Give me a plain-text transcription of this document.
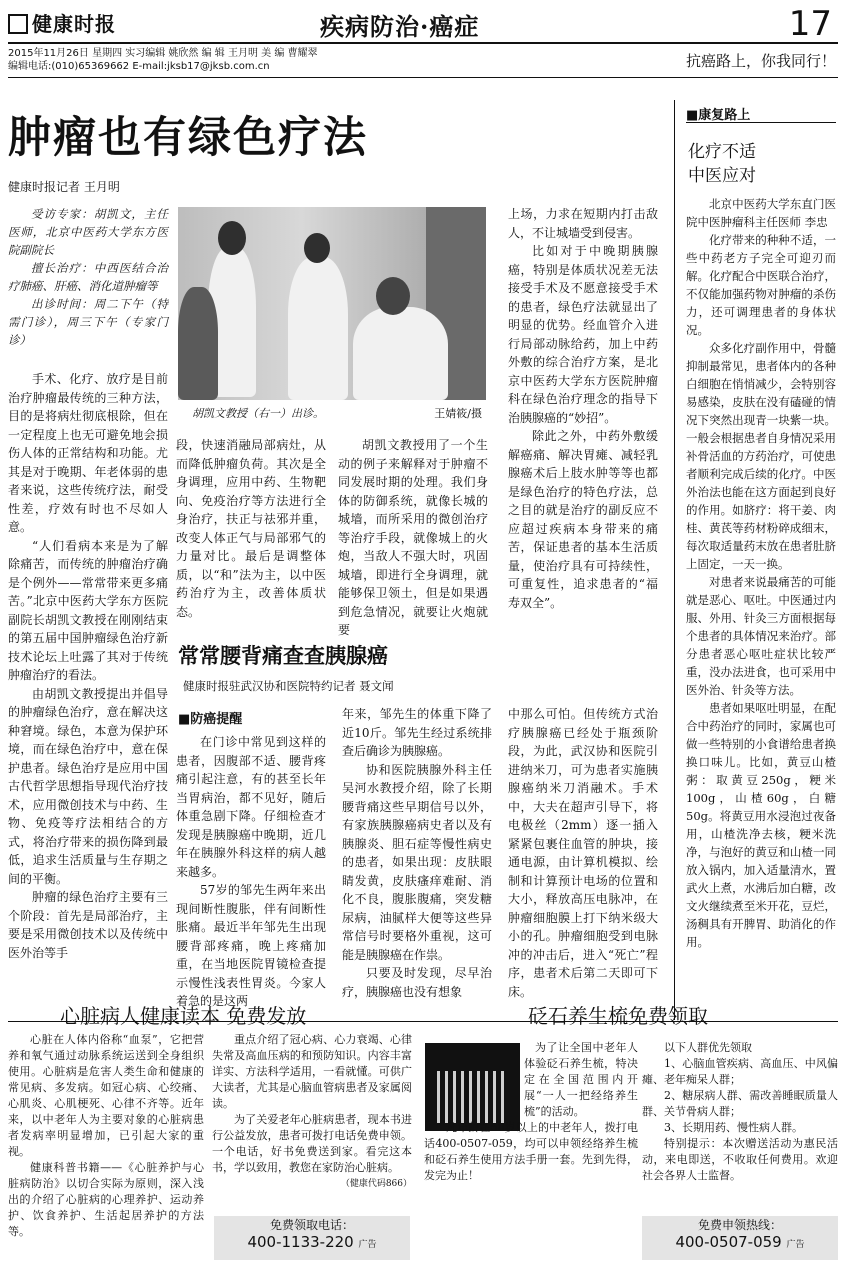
健康时报	疾病防治·癌症	17
2015年11月26日 星期四 实习编辑 姚欣然 编 辑 王月明 美 编 曹耀翠
编辑电话:(010)65369662 E-mail:jksb17@jksb.com.cn	抗癌路上，你我同行！
肿瘤也有绿色疗法
健康时报记者 王月明

受访专家：胡凯文，主任医师，北京中医药大学东方医院副院长

擅长治疗：中西医结合治疗肺癌、肝癌、消化道肿瘤等

出诊时间：周二下午（特需门诊），周三下午（专家门诊）

手术、化疗、放疗是目前治疗肿瘤最传统的三种方法，目的是将病灶彻底根除，但在一定程度上也无可避免地会损伤人体的正常结构和功能。尤其是对于晚期、年老体弱的患者来说，这些传统疗法，耐受性差，疗效有时也不尽如人意。

“人们看病本来是为了解除痛苦，而传统的肿瘤治疗确是个例外——常常带来更多痛苦。”北京中医药大学东方医院副院长胡凯文教授在刚刚结束的第五届中国肿瘤绿色治疗新技术论坛上吐露了其对于传统肿瘤治疗的看法。

由胡凯文教授提出并倡导的肿瘤绿色治疗，意在解决这种窘境。绿色，本意为保护环境，而在绿色治疗中，意在保护患者。绿色治疗是应用中国古代哲学思想指导现代治疗技术，应用微创技术与中药、生物、免疫等疗法相结合的方式，将治疗带来的损伤降到最低，追求生活质量与生存期之间的平衡。

肿瘤的绿色治疗主要有三个阶段：首先是局部治疗，主要是采用微创技术以及传统中医外治等手

胡凯文教授（右一）出诊。	王婧筱/摄

段，快速消融局部病灶，从而降低肿瘤负荷。其次是全身调理，应用中药、生物靶向、免疫治疗等方法进行全身治疗，扶正与祛邪并重，改变人体正气与局部邪气的力量对比。最后是调整体质，以“和”法为主，以中医药治疗为主，改善体质状态。

胡凯文教授用了一个生动的例子来解释对于肿瘤不同发展时期的处理。我们身体的防御系统，就像长城的城墙，而所采用的微创治疗等治疗手段，就像城上的火炮，当敌人不强大时，巩固城墙，即进行全身调理，就能够保卫领土，但是如果遇到危急情况，就要让火炮就要

上场，力求在短期内打击敌人，不让城墙受到侵害。

比如对于中晚期胰腺癌，特别是体质状况差无法接受手术及不愿意接受手术的患者，绿色疗法就显出了明显的优势。经血管介入进行局部动脉给药，加上中药外敷的综合治疗方案，是北京中医药大学东方医院肿瘤科在绿色治疗理念的指导下治胰腺癌的“妙招”。

除此之外，中药外敷缓解癌痛、解决胃瘫、减轻乳腺癌术后上肢水肿等等也都是绿色治疗的特色疗法，总之目的就是治疗的副反应不应超过疾病本身带来的痛苦，保证患者的基本生活质量，使治疗具有可持续性，可重复性，追求患者的“福寿双全”。

常常腰背痛查查胰腺癌
健康时报驻武汉协和医院特约记者 聂文闻
■防癌提醒

在门诊中常见到这样的患者，因腹部不适、腰背疼痛引起注意，有的甚至长年当胃病治，都不见好，随后体重急剧下降。仔细检查才发现是胰腺癌中晚期，近几年在胰腺外科这样的病人越来越多。

57岁的邹先生两年来出现间断性腹胀，伴有间断性胀痛。最近半年邹先生出现腰背部疼痛，晚上疼痛加重，在当地医院胃镜检查提示慢性浅表性胃炎。今家人着急的是这两

年来，邹先生的体重下降了近10斤。邹先生经过系统排查后确诊为胰腺癌。

协和医院胰腺外科主任吴河水教授介绍，除了长期腰背痛这些早期信号以外，有家族胰腺癌病史者以及有胰腺炎、胆石症等慢性病史的患者，如果出现：皮肤眼睛发黄，皮肤瘙痒难耐、消化不良，腹胀腹痛，突发糖尿病，油腻样大便等这些异常信号时要格外重视，这可能是胰腺癌在作祟。

只要及时发现，尽早治疗，胰腺癌也没有想象

中那么可怕。但传统方式治疗胰腺癌已经处于瓶颈阶段，为此，武汉协和医院引进纳米刀，可为患者实施胰腺癌纳米刀消融术。手术中，大夫在超声引导下，将电极丝（2mm）逐一插入紧紧包裹住血管的肿块，接通电源，由计算机模拟、绘制和计算预计电场的位置和大小，释放高压电脉冲，在肿瘤细胞膜上打下纳米级大小的孔。肿瘤细胞受到电脉冲的冲击后，进入“死亡”程序，患者术后第二天即可下床。

■康复路上
化疗不适
中医应对

北京中医药大学东直门医院中医肿瘤科主任医师 李忠

化疗带来的种种不适，一些中药老方子完全可迎刃而解。化疗配合中医联合治疗，不仅能加强药物对肿瘤的杀伤力，还可调理患者的身体状况。

众多化疗副作用中，骨髓抑制最常见，患者体内的各种白细胞在悄悄减少，会特别容易感染，皮肤在没有磕碰的情况下突然出现青一块紫一块。一般会根据患者自身情况采用补骨活血的方药治疗，可使患者顺利完成后续的化疗。中医外治法也能在这方面起到良好的作用。如脐疗：将干姜、肉桂、黄芪等药材粉碎成细末，每次取适量药末放在患者肚脐上固定，一天一换。

对患者来说最痛苦的可能就是恶心、呕吐。中医通过内服、外用、针灸三方面根据每个患者的具体情况来治疗。部分患者恶心呕吐症状比较严重，没办法进食，也可采用中医外治、针灸等方法。

患者如果呕吐明显，在配合中药治疗的同时，家属也可做一些特别的小食谱给患者换换口味儿。比如，黄豆山楂粥：取黄豆250g，粳米100g，山楂60g，白糖50g。将黄豆用水浸泡过夜备用，山楂洗净去核，粳米洗净，与泡好的黄豆和山楂一同放入锅内，加入适量清水，置武火上煮，水沸后加白糖，改文火继续煮至米开花，豆烂，汤稠具有开脾胃、助消化的作用。

心脏病人健康读本 免费发放	砭石养生梳免费领取

心脏在人体内俗称“血泵”，它把营养和氧气通过动脉系统运送到全身组织使用。心脏病是危害人类生命和健康的常见病、多发病。如冠心病、心绞痛、心肌炎、心肌梗死、心律不齐等。近年来，以中老年人为主要对象的心脏病患者发病率明显增加，已引起大家的重视。

健康科普书籍——《心脏养护与心脏病防治》以切合实际为原则，深入浅出的介绍了心脏病的心理养护、运动养护、饮食养护、生活起居养护的方法等。

重点介绍了冠心病、心力衰竭、心律失常及高血压病的和预防知识。内容丰富详实、方法科学适用，一看就懂。可供广大读者，尤其是心脑血管病患者及家属阅读。

为了关爱老年心脏病患者，现本书进行公益发放，患者可拨打电话免费申领。一个电话，好书免费送到家。看完这本书，学以致用，教您在家防治心脏病。

（健康代码866）

免费领取电话：
400-1133-220 广告

为了让全国中老年人体验砭石养生梳，特决定在全国范围内开展“一人一把经络养生梳”的活动。

凡年龄在50岁以上的中老年人，拨打电话400-0507-059，均可以申领经络养生梳和砭石养生使用方法手册一套。先到先得，发完为止！

以下人群优先领取

1、心脑血管疾病、高血压、中风偏瘫、老年痴呆人群；

2、糖尿病人群、需改善睡眠质量人群、关节骨病人群；

3、长期用药、慢性病人群。

特别提示：本次赠送活动为惠民活动，来电即送，不收取任何费用。欢迎社会各界人士监督。

免费申领热线：
400-0507-059 广告
